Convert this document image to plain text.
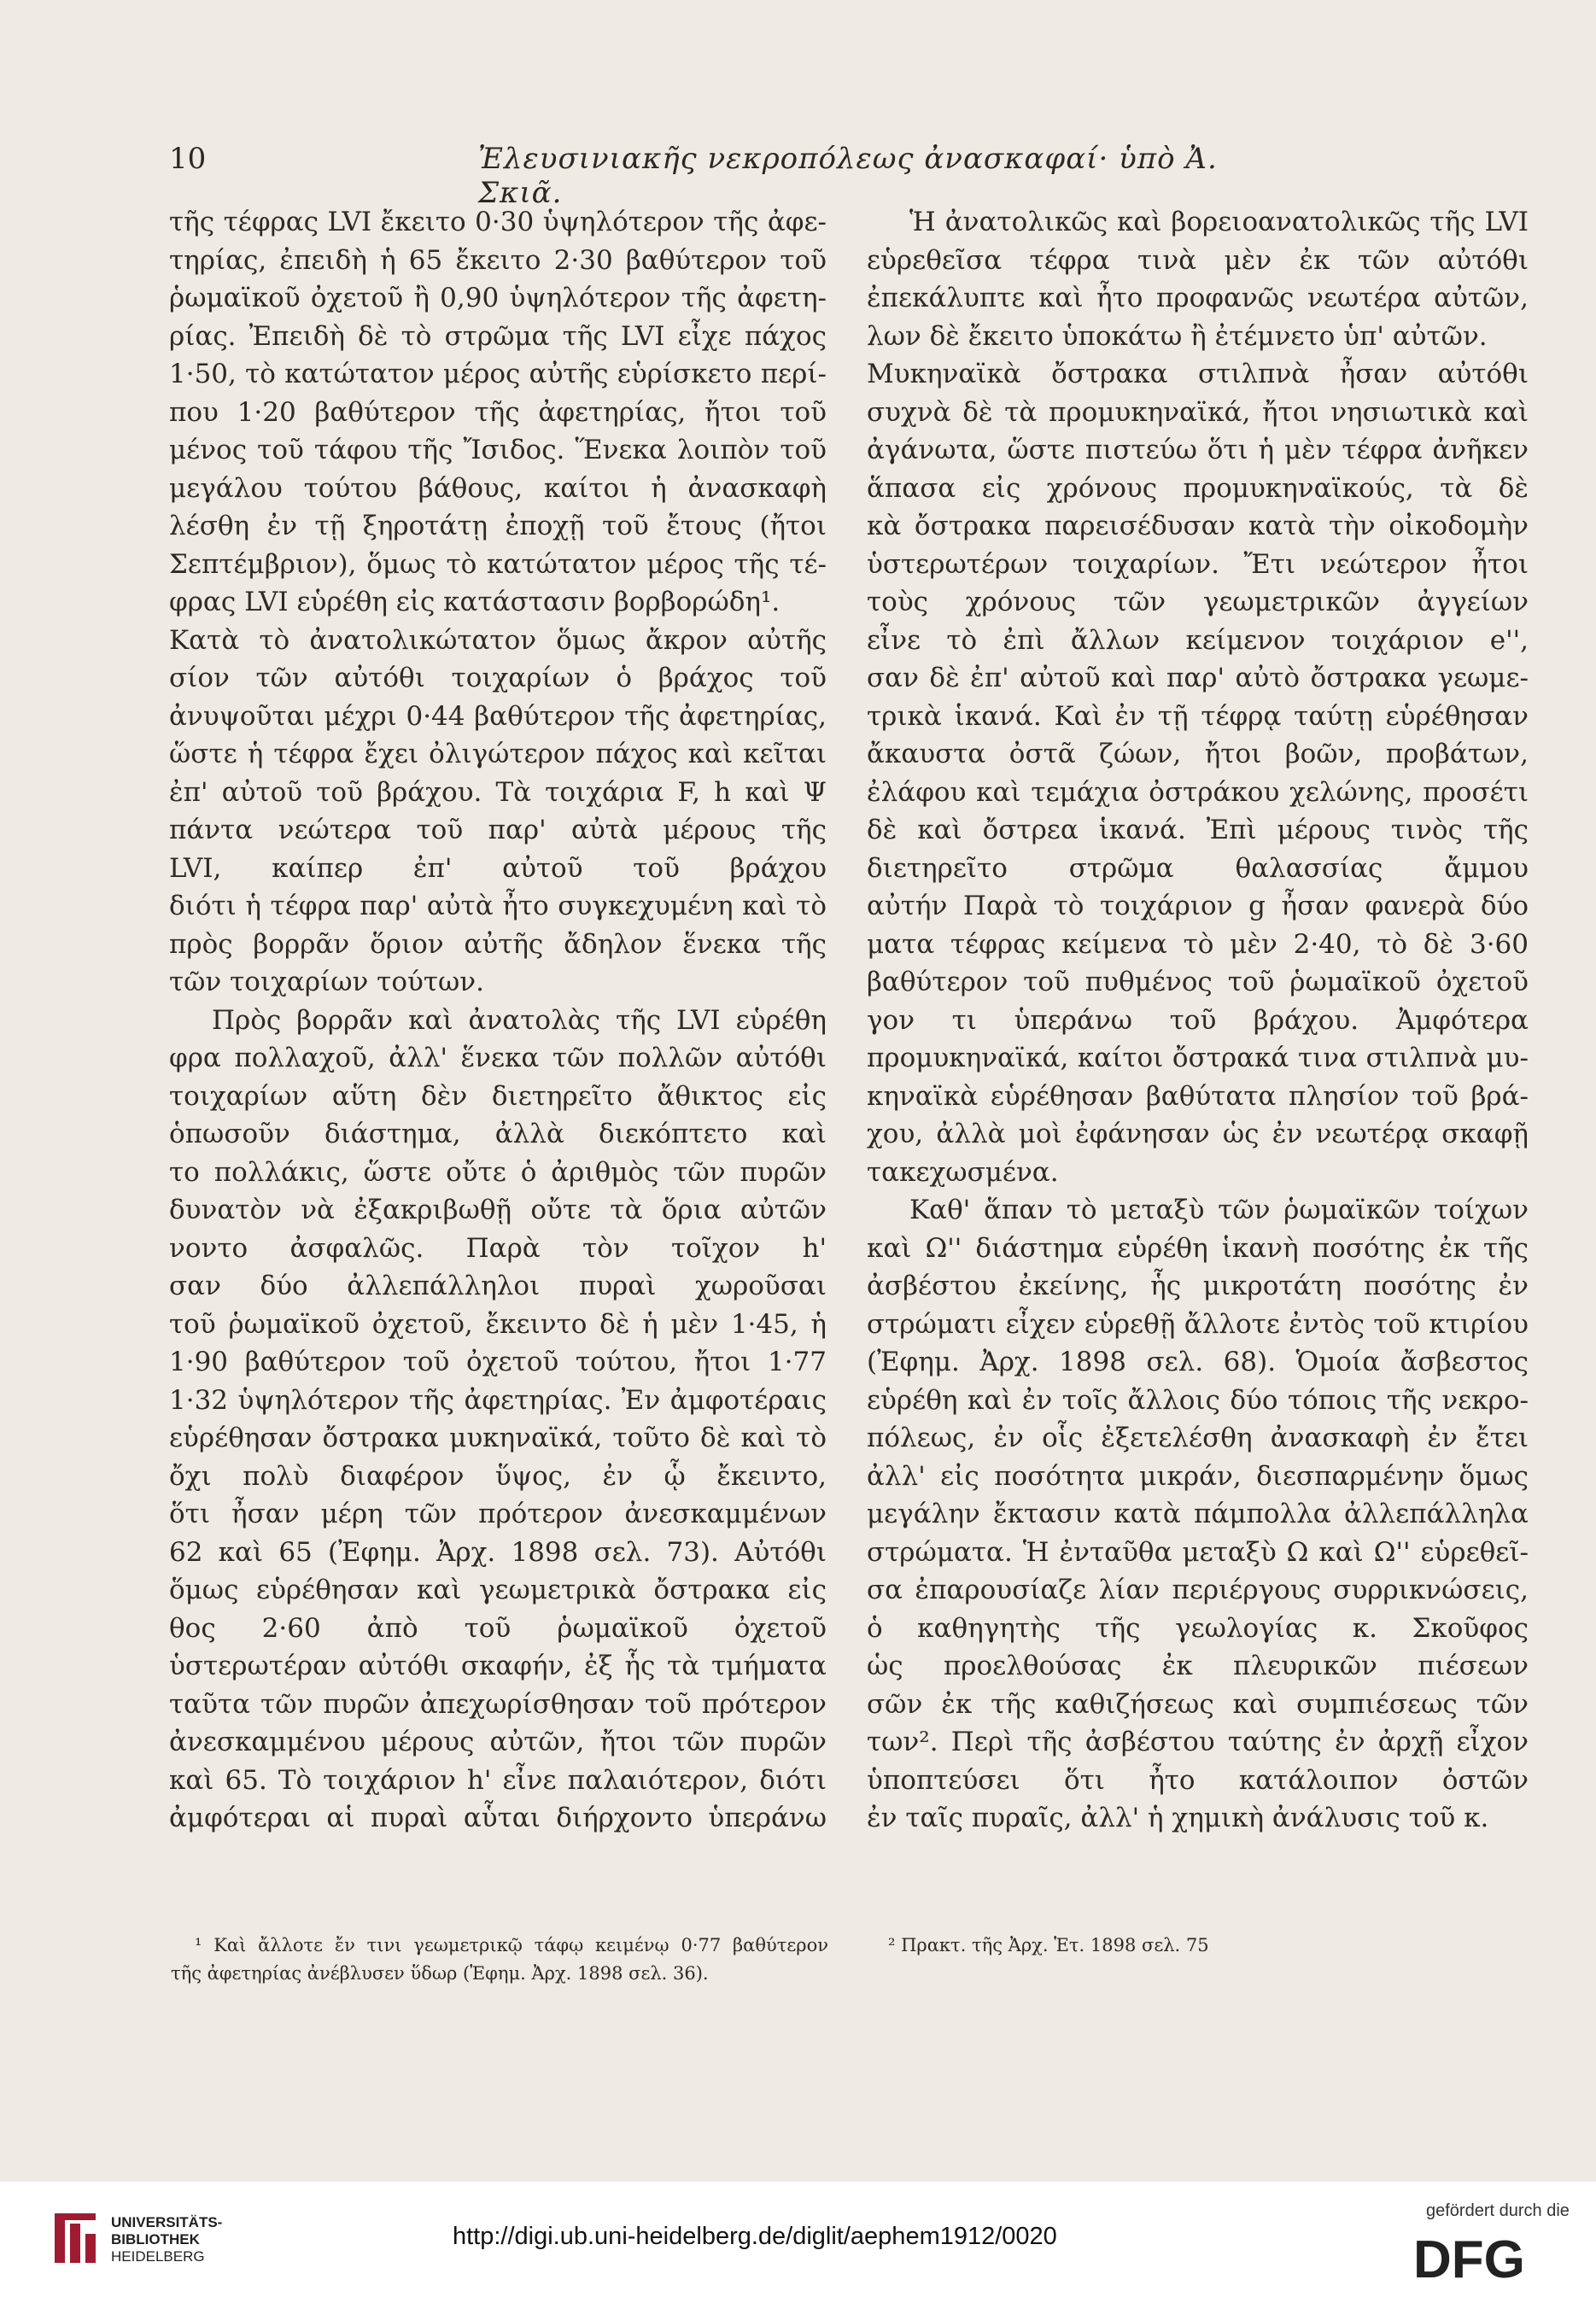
10	Ἐλευσινιακῆς νεκροπόλεως ἀνασκαφαί· ὑπὸ Ἀ. Σκιᾶ.
τῆς τέφρας LVI ἔκειτο 0·30 ὑψηλότερον τῆς ἀφε-
τηρίας, ἐπειδὴ ἡ 65 ἔκειτο 2·30 βαθύτερον τοῦ
ῥωμαϊκοῦ ὀχετοῦ ἢ 0,90 ὑψηλότερον τῆς ἀφετη-
ρίας. Ἐπειδὴ δὲ τὸ στρῶμα τῆς LVI εἶχε πάχος
1·50, τὸ κατώτατον μέρος αὐτῆς εὑρίσκετο περί-
που 1·20 βαθύτερον τῆς ἀφετηρίας, ἤτοι τοῦ
μένος τοῦ τάφου τῆς Ἴσιδος. Ἕνεκα λοιπὸν τοῦ
μεγάλου τούτου βάθους, καίτοι ἡ ἀνασκαφὴ
λέσθη ἐν τῇ ξηροτάτῃ ἐποχῇ τοῦ ἔτους (ἤτοι
Σεπτέμβριον), ὅμως τὸ κατώτατον μέρος τῆς τέ-
φρας LVI εὑρέθη εἰς κατάστασιν βορβορώδη¹.
Κατὰ τὸ ἀνατολικώτατον ὅμως ἄκρον αὐτῆς
σίον τῶν αὐτόθι τοιχαρίων ὁ βράχος τοῦ
ἀνυψοῦται μέχρι 0·44 βαθύτερον τῆς ἀφετηρίας,
ὥστε ἡ τέφρα ἔχει ὀλιγώτερον πάχος καὶ κεῖται
ἐπ' αὐτοῦ τοῦ βράχου. Τὰ τοιχάρια F, h καὶ Ψ
πάντα νεώτερα τοῦ παρ' αὐτὰ μέρους τῆς
LVI, καίπερ ἐπ' αὐτοῦ τοῦ βράχου
διότι ἡ τέφρα παρ' αὐτὰ ἦτο συγκεχυμένη καὶ τὸ
πρὸς βορρᾶν ὅριον αὐτῆς ἄδηλον ἕνεκα τῆς
τῶν τοιχαρίων τούτων.
Πρὸς βορρᾶν καὶ ἀνατολὰς τῆς LVI εὑρέθη
φρα πολλαχοῦ, ἀλλ' ἕνεκα τῶν πολλῶν αὐτόθι
τοιχαρίων αὕτη δὲν διετηρεῖτο ἄθικτος εἰς
ὁπωσοῦν διάστημα, ἀλλὰ διεκόπτετο καὶ
το πολλάκις, ὥστε οὔτε ὁ ἀριθμὸς τῶν πυρῶν
δυνατὸν νὰ ἐξακριβωθῇ οὔτε τὰ ὅρια αὐτῶν
νοντο ἀσφαλῶς. Παρὰ τὸν τοῖχον h'
σαν δύο ἀλλεπάλληλοι πυραὶ χωροῦσαι
τοῦ ῥωμαϊκοῦ ὀχετοῦ, ἔκειντο δὲ ἡ μὲν 1·45, ἡ
1·90 βαθύτερον τοῦ ὀχετοῦ τούτου, ἤτοι 1·77
1·32 ὑψηλότερον τῆς ἀφετηρίας. Ἐν ἀμφοτέραις
εὑρέθησαν ὄστρακα μυκηναϊκά, τοῦτο δὲ καὶ τὸ
ὄχι πολὺ διαφέρον ὕψος, ἐν ᾧ ἔκειντο,
ὅτι ἦσαν μέρη τῶν πρότερον ἀνεσκαμμένων
62 καὶ 65 (Ἐφημ. Ἀρχ. 1898 σελ. 73). Αὐτόθι
ὅμως εὑρέθησαν καὶ γεωμετρικὰ ὄστρακα εἰς
θος 2·60 ἀπὸ τοῦ ῥωμαϊκοῦ ὀχετοῦ
ὑστερωτέραν αὐτόθι σκαφήν, ἐξ ἧς τὰ τμήματα
ταῦτα τῶν πυρῶν ἀπεχωρίσθησαν τοῦ πρότερον
ἀνεσκαμμένου μέρους αὐτῶν, ἤτοι τῶν πυρῶν
καὶ 65. Τὸ τοιχάριον h' εἶνε παλαιότερον, διότι
ἀμφότεραι αἱ πυραὶ αὗται διήρχοντο ὑπεράνω
Ἡ ἀνατολικῶς καὶ βορειοανατολικῶς τῆς LVI
εὑρεθεῖσα τέφρα τινὰ μὲν ἐκ τῶν αὐτόθι
ἐπεκάλυπτε καὶ ἦτο προφανῶς νεωτέρα αὐτῶν,
λων δὲ ἔκειτο ὑποκάτω ἢ ἐτέμνετο ὑπ' αὐτῶν.
Μυκηναϊκὰ ὄστρακα στιλπνὰ ἦσαν αὐτόθι
συχνὰ δὲ τὰ προμυκηναϊκά, ἤτοι νησιωτικὰ καὶ
ἀγάνωτα, ὥστε πιστεύω ὅτι ἡ μὲν τέφρα ἀνῆκεν
ἅπασα εἰς χρόνους προμυκηναϊκούς, τὰ δὲ
κὰ ὄστρακα παρεισέδυσαν κατὰ τὴν οἰκοδομὴν
ὑστερωτέρων τοιχαρίων. Ἔτι νεώτερον ἦτοι
τοὺς χρόνους τῶν γεωμετρικῶν ἀγγείων
εἶνε τὸ ἐπὶ ἄλλων κείμενον τοιχάριον e'',
σαν δὲ ἐπ' αὐτοῦ καὶ παρ' αὐτὸ ὄστρακα γεωμε-
τρικὰ ἱκανά. Καὶ ἐν τῇ τέφρᾳ ταύτῃ εὑρέθησαν
ἄκαυστα ὀστᾶ ζώων, ἤτοι βοῶν, προβάτων,
ἐλάφου καὶ τεμάχια ὀστράκου χελώνης, προσέτι
δὲ καὶ ὄστρεα ἱκανά. Ἐπὶ μέρους τινὸς τῆς
διετηρεῖτο στρῶμα θαλασσίας ἄμμου
αὐτήν Παρὰ τὸ τοιχάριον g ἦσαν φανερὰ δύο
ματα τέφρας κείμενα τὸ μὲν 2·40, τὸ δὲ 3·60
βαθύτερον τοῦ πυθμένος τοῦ ῥωμαϊκοῦ ὀχετοῦ
γον τι ὑπεράνω τοῦ βράχου. Ἀμφότερα
προμυκηναϊκά, καίτοι ὄστρακά τινα στιλπνὰ μυ-
κηναϊκὰ εὑρέθησαν βαθύτατα πλησίον τοῦ βρά-
χου, ἀλλὰ μοὶ ἐφάνησαν ὡς ἐν νεωτέρᾳ σκαφῇ
τακεχωσμένα.
Καθ' ἅπαν τὸ μεταξὺ τῶν ῥωμαϊκῶν τοίχων
καὶ Ω'' διάστημα εὑρέθη ἱκανὴ ποσότης ἐκ τῆς
ἀσβέστου ἐκείνης, ἧς μικροτάτη ποσότης ἐν
στρώματι εἶχεν εὑρεθῇ ἄλλοτε ἐντὸς τοῦ κτιρίου
(Ἐφημ. Ἀρχ. 1898 σελ. 68). Ὁμοία ἄσβεστος
εὑρέθη καὶ ἐν τοῖς ἄλλοις δύο τόποις τῆς νεκρο-
πόλεως, ἐν οἷς ἐξετελέσθη ἀνασκαφὴ ἐν ἔτει
ἀλλ' εἰς ποσότητα μικράν, διεσπαρμένην ὅμως
μεγάλην ἔκτασιν κατὰ πάμπολλα ἀλλεπάλληλα
στρώματα. Ἡ ἐνταῦθα μεταξὺ Ω καὶ Ω'' εὑρεθεῖ-
σα ἐπαρουσίαζε λίαν περιέργους συρρικνώσεις,
ὁ καθηγητὴς τῆς γεωλογίας κ. Σκοῦφος
ὡς προελθούσας ἐκ πλευρικῶν πιέσεων
σῶν ἐκ τῆς καθιζήσεως καὶ συμπιέσεως τῶν
των². Περὶ τῆς ἀσβέστου ταύτης ἐν ἀρχῇ εἶχον
ὑποπτεύσει ὅτι ἦτο κατάλοιπον ὀστῶν
ἐν ταῖς πυραῖς, ἀλλ' ἡ χημικὴ ἀνάλυσις τοῦ κ.
¹ Καὶ ἄλλοτε ἔν τινι γεωμετρικῷ τάφῳ κειμένῳ 0·77 βαθύτερον
τῆς ἀφετηρίας ἀνέβλυσεν ὕδωρ (Ἐφημ. Ἀρχ. 1898 σελ. 36).
² Πρακτ. τῆς Ἀρχ. Ἑτ. 1898 σελ. 75
UNIVERSITÄTS-
BIBLIOTHEK
HEIDELBERG
http://digi.ub.uni-heidelberg.de/diglit/aephem1912/0020
gefördert durch die
DFG
